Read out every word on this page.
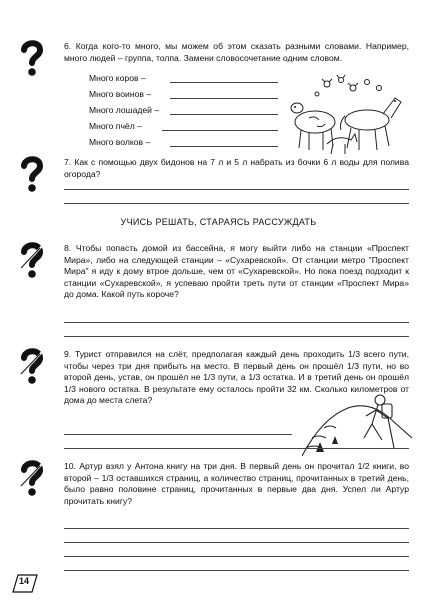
6. Когда кого-то много, мы можем об этом сказать разными словами. Например, много людей – группа, толпа. Замени словосочетание одним словом.
Много коров –
Много воинов –
Много лошадей –
Много пчёл –
Много волков –
7. Как с помощью двух бидонов на 7 л и 5 л набрать из бочки 6 л воды для полива огорода?
УЧИСЬ РЕШАТЬ, СТАРАЯСЬ РАССУЖДАТЬ
8. Чтобы попасть домой из бассейна, я могу выйти либо на станции «Проспект Мира», либо на следующей станции – «Сухаревской». От станции метро "Проспект Мира" я иду к дому втрое дольше, чем от «Сухаревской». Но пока поезд подходит к станции «Сухаревской», я успеваю пройти треть пути от станции «Проспект Мира» до дома. Какой путь короче?
9. Турист отправился на слёт, предполагая каждый день проходить 1/3 всего пути, чтобы через три дня прибыть на место. В первый день он прошёл 1/3 пути, но во второй день, устав, он прошёл не 1/3 пути, а 1/3 остатка. И в третий день он прошёл 1/3 нового остатка. В результате ему осталось пройти 32 км. Сколько километров от дома до места слета?
10. Артур взял у Антона книгу на три дня. В первый день он прочитал 1/2 книги, во второй – 1/3 оставшихся страниц, а количество страниц, прочитанных в третий день, было равно половине страниц, прочитанных в первые два дня. Успел ли Артур прочитать книгу?
14
